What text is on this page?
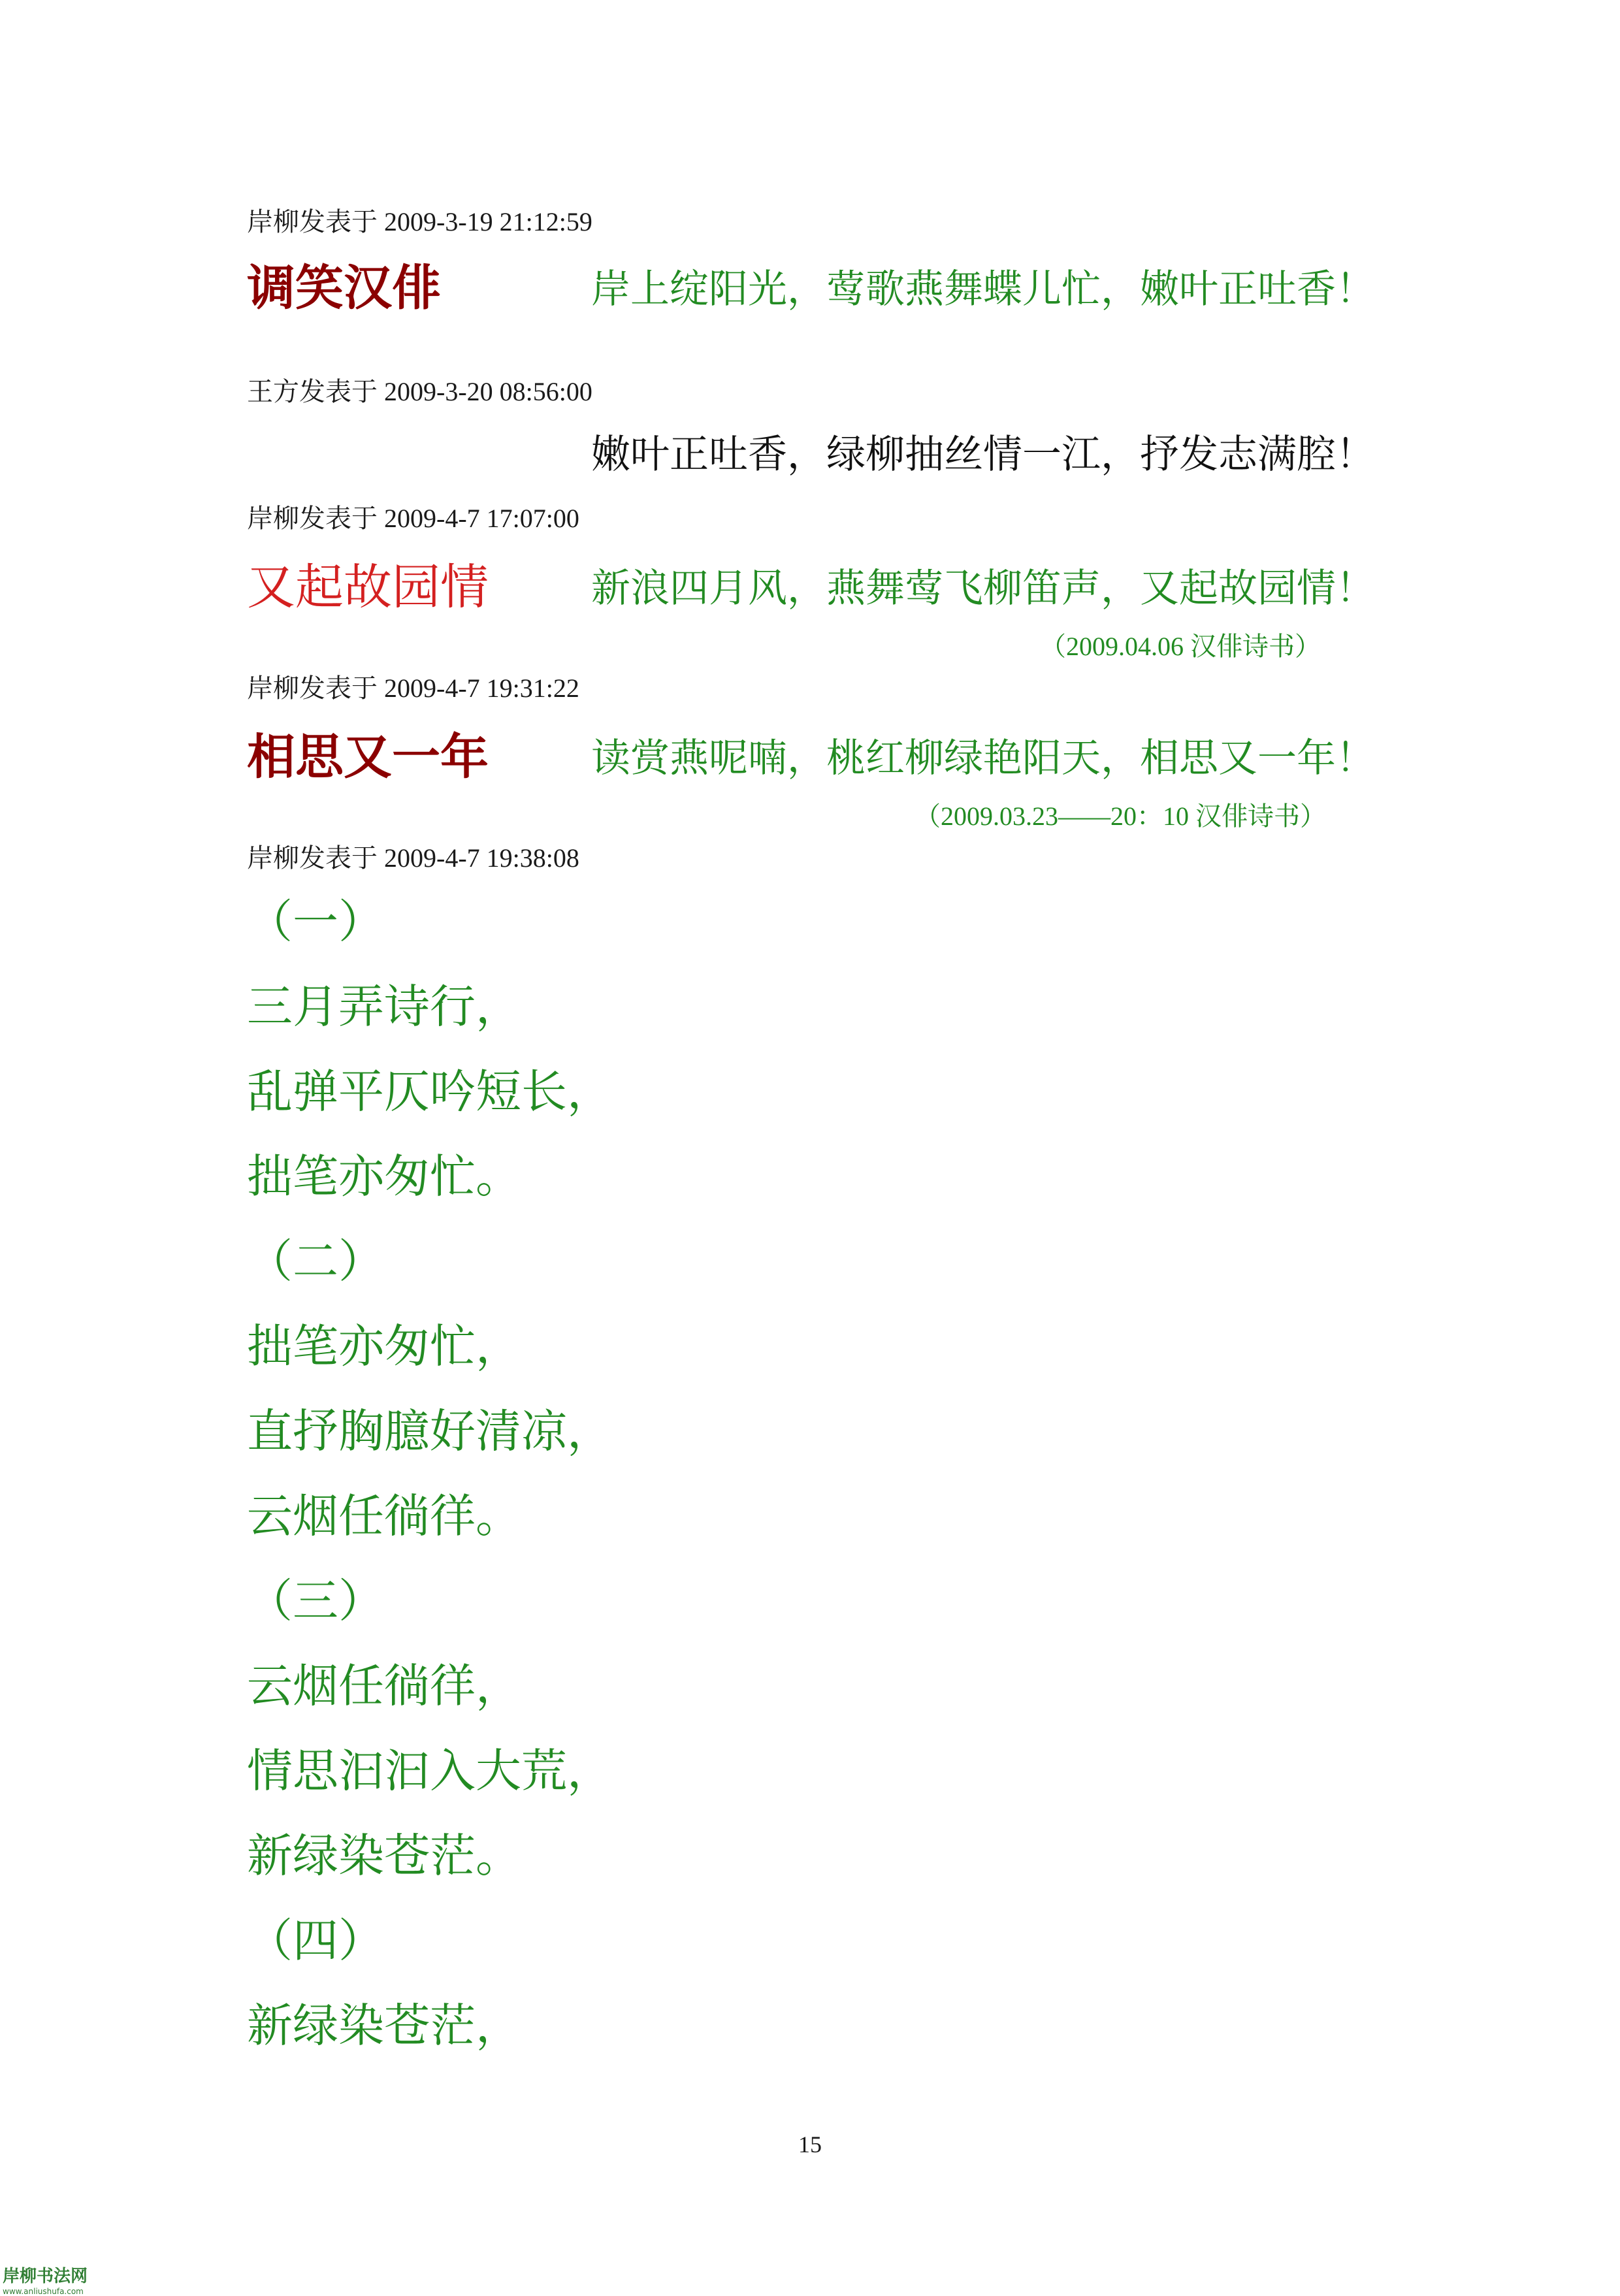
岸柳发表于 2009-3-19 21:12:59
调笑汉俳	岸上绽阳光，莺歌燕舞蝶儿忙，嫩叶正吐香！
王方发表于 2009-3-20 08:56:00
嫩叶正吐香，绿柳抽丝情一江，抒发志满腔！
岸柳发表于 2009-4-7 17:07:00
又起故园情	新浪四月风，燕舞莺飞柳笛声，又起故园情！
（2009.04.06 汉俳诗书）
岸柳发表于 2009-4-7 19:31:22
相思又一年	读赏燕呢喃，桃红柳绿艳阳天，相思又一年！
（2009.03.23——20：10 汉俳诗书）
岸柳发表于 2009-4-7 19:38:08
（一）
三月弄诗行，
乱弹平仄吟短长，
拙笔亦匆忙。
（二）
拙笔亦匆忙，
直抒胸臆好清凉，
云烟任徜徉。
（三）
云烟任徜徉，
情思汩汩入大荒，
新绿染苍茫。
（四）
新绿染苍茫，
15
岸柳书法网
www.anliushufa.com
